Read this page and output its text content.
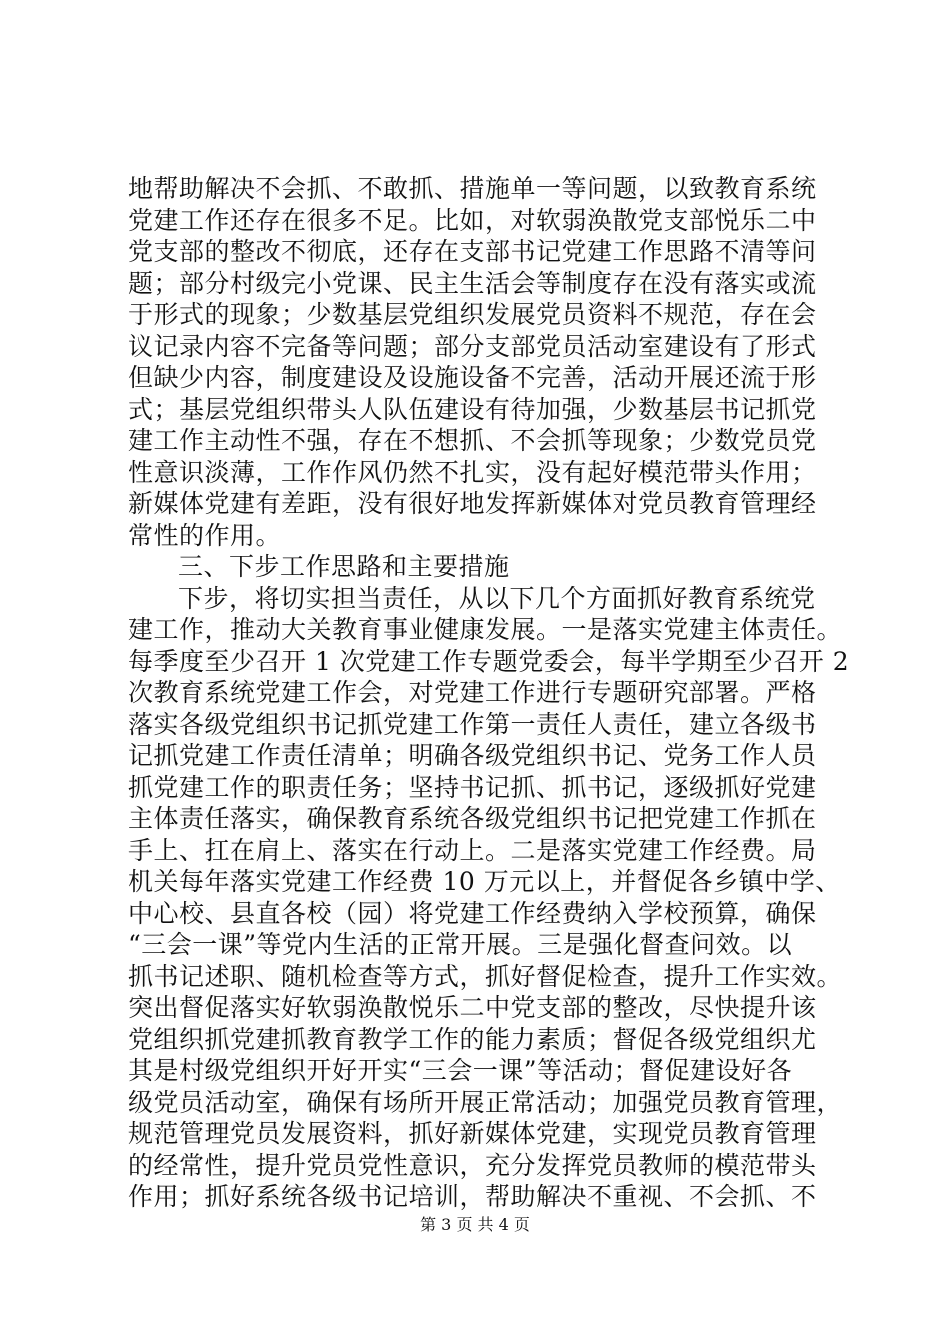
地帮助解决不会抓、不敢抓、措施单一等问题，以致教育系统
党建工作还存在很多不足。比如，对软弱涣散党支部悦乐二中
党支部的整改不彻底，还存在支部书记党建工作思路不清等问
题；部分村级完小党课、民主生活会等制度存在没有落实或流
于形式的现象；少数基层党组织发展党员资料不规范，存在会
议记录内容不完备等问题；部分支部党员活动室建设有了形式
但缺少内容，制度建设及设施设备不完善，活动开展还流于形
式；基层党组织带头人队伍建设有待加强，少数基层书记抓党
建工作主动性不强，存在不想抓、不会抓等现象；少数党员党
性意识淡薄，工作作风仍然不扎实，没有起好模范带头作用；
新媒体党建有差距，没有很好地发挥新媒体对党员教育管理经
常性的作用。
三、下步工作思路和主要措施
下步，将切实担当责任，从以下几个方面抓好教育系统党
建工作，推动大关教育事业健康发展。一是落实党建主体责任。
每季度至少召开 1 次党建工作专题党委会，每半学期至少召开 2
次教育系统党建工作会，对党建工作进行专题研究部署。严格
落实各级党组织书记抓党建工作第一责任人责任，建立各级书
记抓党建工作责任清单；明确各级党组织书记、党务工作人员
抓党建工作的职责任务；坚持书记抓、抓书记，逐级抓好党建
主体责任落实，确保教育系统各级党组织书记把党建工作抓在
手上、扛在肩上、落实在行动上。二是落实党建工作经费。局
机关每年落实党建工作经费 10 万元以上，并督促各乡镇中学、
中心校、县直各校（园）将党建工作经费纳入学校预算，确保
“三会一课”等党内生活的正常开展。三是强化督查问效。以
抓书记述职、随机检查等方式，抓好督促检查，提升工作实效。
突出督促落实好软弱涣散悦乐二中党支部的整改，尽快提升该
党组织抓党建抓教育教学工作的能力素质；督促各级党组织尤
其是村级党组织开好开实“三会一课”等活动；督促建设好各
级党员活动室，确保有场所开展正常活动；加强党员教育管理，
规范管理党员发展资料，抓好新媒体党建，实现党员教育管理
的经常性，提升党员党性意识，充分发挥党员教师的模范带头
作用；抓好系统各级书记培训，帮助解决不重视、不会抓、不
第 3 页 共 4 页
